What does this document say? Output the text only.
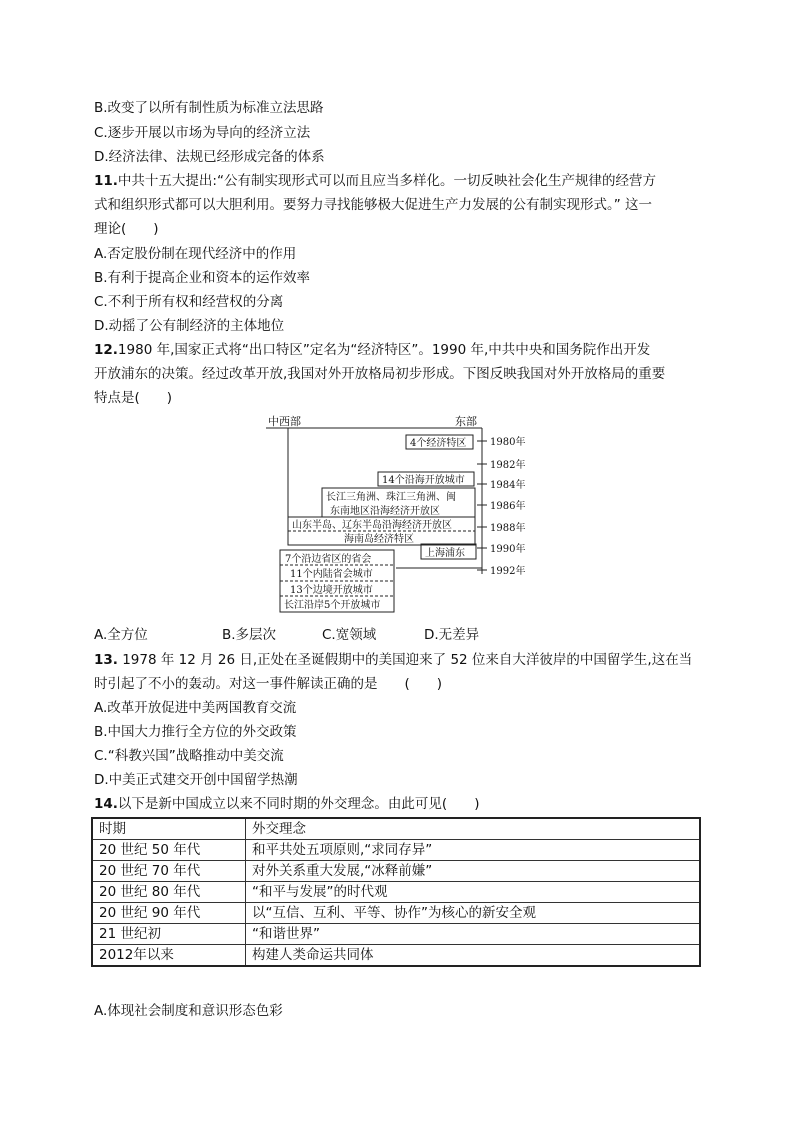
B.改变了以所有制性质为标准立法思路
C.逐步开展以市场为导向的经济立法
D.经济法律、法规已经形成完备的体系
11.中共十五大提出:“公有制实现形式可以而且应当多样化。一切反映社会化生产规律的经营方
式和组织形式都可以大胆利用。要努力寻找能够极大促进生产力发展的公有制实现形式。” 这一
理论(　　)
A.否定股份制在现代经济中的作用
B.有利于提高企业和资本的运作效率
C.不利于所有权和经营权的分离
D.动摇了公有制经济的主体地位
12.1980 年,国家正式将“出口特区”定名为“经济特区”。1990 年,中共中央和国务院作出开发
开放浦东的决策。经过改革开放,我国对外开放格局初步形成。下图反映我国对外开放格局的重要
特点是(　　)
中西部	东部
1980年
1982年
1984年
1986年
1988年
1990年
1992年
4个经济特区
14个沿海开放城市
长江三角洲、珠江三角洲、闽
东南地区沿海经济开放区
山东半岛、辽东半岛沿海经济开放区
海南岛经济特区
上海浦东
7个沿边省区的省会
11个内陆省会城市
13个边境开放城市
长江沿岸5个开放城市
A.全方位	B.多层次	C.宽领域	D.无差异
13. 1978 年 12 月 26 日,正处在圣诞假期中的美国迎来了 52 位来自大洋彼岸的中国留学生,这在当
时引起了不小的轰动。对这一事件解读正确的是　　(　　)
A.改革开放促进中美两国教育交流
B.中国大力推行全方位的外交政策
C.“科教兴国”战略推动中美交流
D.中美正式建交开创中国留学热潮
14.以下是新中国成立以来不同时期的外交理念。由此可见(　　)
时期	外交理念
20 世纪 50 年代	和平共处五项原则,“求同存异”
20 世纪 70 年代	对外关系重大发展,“冰释前嫌”
20 世纪 80 年代	“和平与发展”的时代观
20 世纪 90 年代	以“互信、互利、平等、协作”为核心的新安全观
21 世纪初	“和谐世界”
2012年以来	构建人类命运共同体
A.体现社会制度和意识形态色彩
